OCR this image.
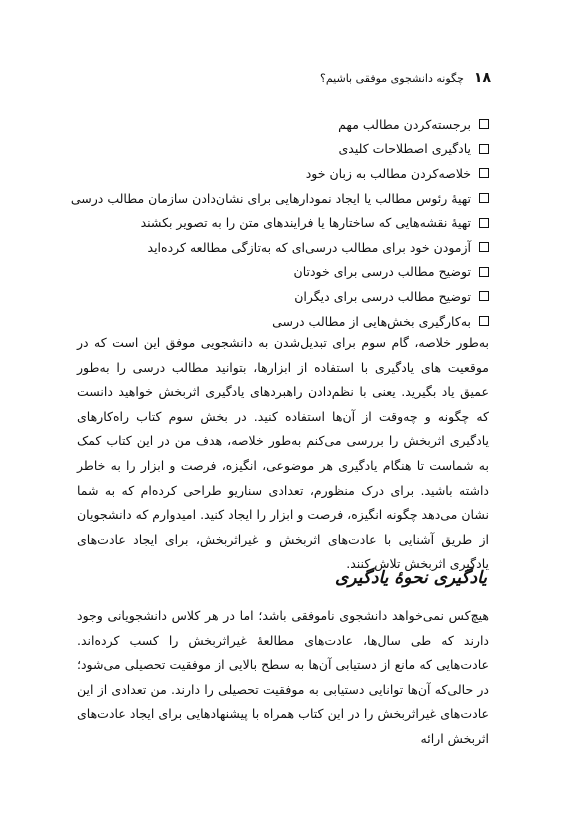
۱۸
چگونه دانشجوی موفقی باشیم؟
برجسته‌کردن مطالب مهم
یادگیری اصطلاحات کلیدی
خلاصه‌کردن مطالب به زبان خود
تهیهٔ رئوس مطالب یا ایجاد نمودارهایی برای نشان‌دادن سازمان مطالب درسی
تهیهٔ نقشه‌هایی که ساختارها یا فرایندهای متن را به تصویر بکشند
آزمودن خود برای مطالب درسی‌ای که به‌تازگی مطالعه کرده‌اید
توضیح مطالب درسی برای خودتان
توضیح مطالب درسی برای دیگران
به‌کارگیری بخش‌هایی از مطالب درسی

به‌طور خلاصه، گام سوم برای تبدیل‌شدن به دانشجویی موفق این است که در موقعیت های یادگیری با استفاده از ابزارها، بتوانید مطالب درسی را به‌طور عمیق یاد بگیرید. یعنی با نظم‌دادن راهبردهای یادگیری اثربخش خواهید دانست که چگونه و چه‌وقت از آن‌ها استفاده کنید. در بخش سوم کتاب راه‌کارهای یادگیری اثربخش را بررسی می‌کنم به‌طور خلاصه، هدف من در این کتاب کمک به شماست تا هنگام یادگیری هر موضوعی، انگیزه، فرصت و ابزار را به خاطر داشته باشید. برای درک منظورم، تعدادی سناریو طراحی کرده‌ام که به شما نشان می‌دهد چگونه انگیزه، فرصت و ابزار را ایجاد کنید. امیدوارم که دانشجویان از طریق آشنایی با عادت‌های اثربخش و غیراثربخش، برای ایجاد عادت‌های یادگیری اثربخش تلاش کنند.

یادگیری نحوهٔ یادگیری

هیچ‌کس نمی‌خواهد دانشجوی ناموفقی باشد؛ اما در هر کلاس دانشجویانی وجود دارند که طی سال‌ها، عادت‌های مطالعهٔ غیراثربخش را کسب کرده‌اند. عادت‌هایی که مانع از دستیابی آن‌ها به سطح بالایی از موفقیت تحصیلی می‌شود؛ در حالی‌که آن‌ها توانایی دستیابی به موفقیت تحصیلی را دارند. من تعدادی از این عادت‌های غیراثربخش را در این کتاب همراه با پیشنهادهایی برای ایجاد عادت‌های اثربخش ارائه
